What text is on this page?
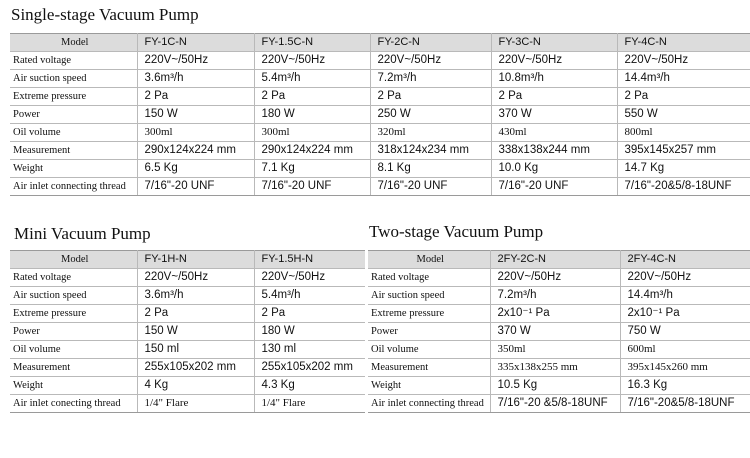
Single-stage Vacuum Pump
Model	FY-1C-N	FY-1.5C-N	FY-2C-N	FY-3C-N	FY-4C-N
Rated voltage	220V~/50Hz	220V~/50Hz	220V~/50Hz	220V~/50Hz	220V~/50Hz
Air suction speed	3.6m³/h	5.4m³/h	7.2m³/h	10.8m³/h	14.4m³/h
Extreme pressure	2 Pa	2 Pa	2 Pa	2 Pa	2 Pa
Power	150 W	180 W	250 W	370 W	550 W
Oil volume	300ml	300ml	320ml	430ml	800ml
Measurement	290x124x224 mm	290x124x224 mm	318x124x234 mm	338x138x244 mm	395x145x257 mm
Weight	6.5 Kg	7.1 Kg	8.1 Kg	10.0 Kg	14.7 Kg
Air inlet connecting thread	7/16"-20 UNF	7/16"-20 UNF	7/16"-20 UNF	7/16"-20 UNF	7/16"-20&5/8-18UNF
Mini Vacuum Pump
Model	FY-1H-N	FY-1.5H-N
Rated voltage	220V~/50Hz	220V~/50Hz
Air suction speed	3.6m³/h	5.4m³/h
Extreme pressure	2 Pa	2 Pa
Power	150 W	180 W
Oil volume	150 ml	130 ml
Measurement	255x105x202 mm	255x105x202 mm
Weight	4 Kg	4.3 Kg
Air inlet conecting thread	1/4" Flare	1/4" Flare
Two-stage Vacuum Pump
Model	2FY-2C-N	2FY-4C-N
Rated voltage	220V~/50Hz	220V~/50Hz
Air suction speed	7.2m³/h	14.4m³/h
Extreme pressure	2x10⁻¹ Pa	2x10⁻¹ Pa
Power	370 W	750 W
Oil volume	350ml	600ml
Measurement	335x138x255 mm	395x145x260 mm
Weight	10.5 Kg	16.3 Kg
Air inlet connecting thread	7/16"-20 &5/8-18UNF	7/16"-20&5/8-18UNF
